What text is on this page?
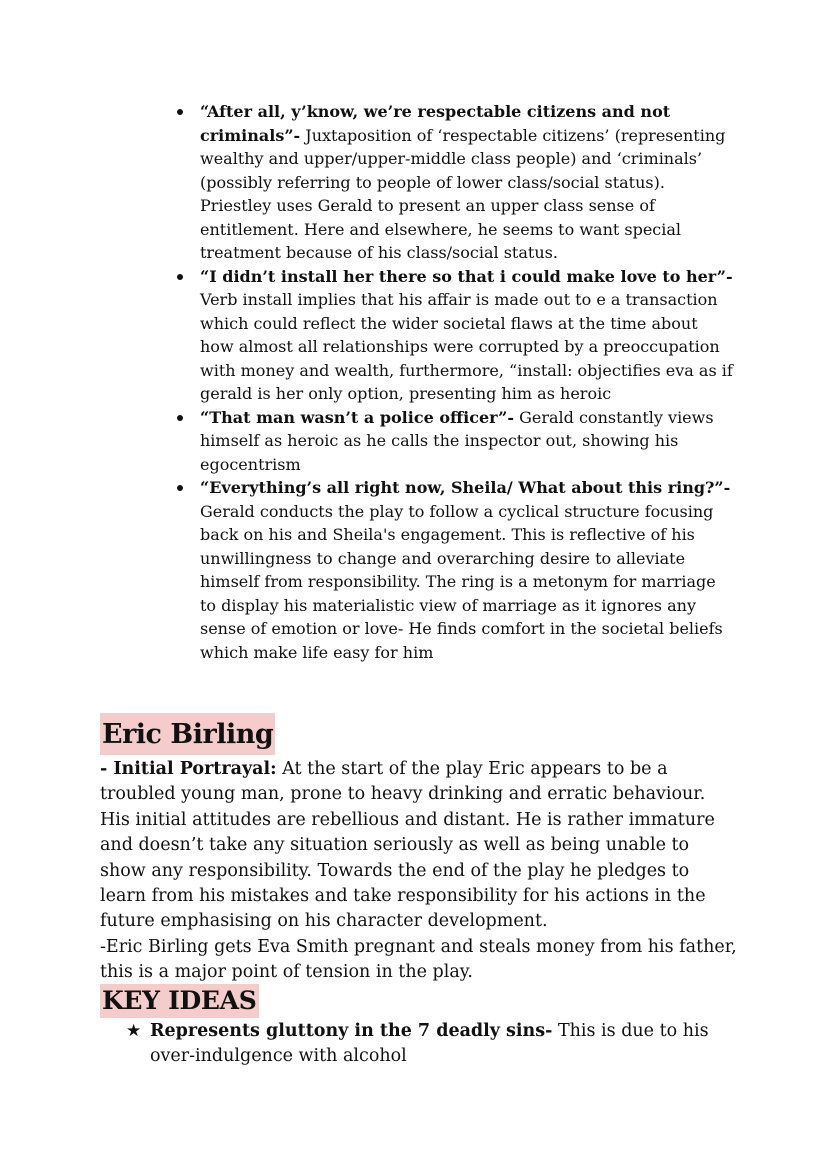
“After all, y’know, we’re respectable citizens and not criminals”- Juxtaposition of ‘respectable citizens’ (representing wealthy and upper/upper-middle class people) and ‘criminals’ (possibly referring to people of lower class/social status). Priestley uses Gerald to present an upper class sense of entitlement. Here and elsewhere, he seems to want special treatment because of his class/social status.
“I didn’t install her there so that i could make love to her”- Verb install implies that his affair is made out to e a transaction which could reflect the wider societal flaws at the time about how almost all relationships were corrupted by a preoccupation with money and wealth, furthermore, “install: objectifies eva as if gerald is her only option, presenting him as heroic
“That man wasn’t a police officer”- Gerald constantly views himself as heroic as he calls the inspector out, showing his egocentrism
“Everything’s all right now, Sheila/ What about this ring?”- Gerald conducts the play to follow a cyclical structure focusing back on his and Sheila's engagement. This is reflective of his unwillingness to change and overarching desire to alleviate himself from responsibility. The ring is a metonym for marriage to display his materialistic view of marriage as it ignores any sense of emotion or love- He finds comfort in the societal beliefs which make life easy for him
Eric Birling

- Initial Portrayal: At the start of the play Eric appears to be a troubled young man, prone to heavy drinking and erratic behaviour. His initial attitudes are rebellious and distant. He is rather immature and doesn’t take any situation seriously as well as being unable to show any responsibility. Towards the end of the play he pledges to learn from his mistakes and take responsibility for his actions in the future emphasising on his character development.

-Eric Birling gets Eva Smith pregnant and steals money from his father, this is a major point of tension in the play.

KEY IDEAS
★ Represents gluttony in the 7 deadly sins- This is due to his over-indulgence with alcohol
